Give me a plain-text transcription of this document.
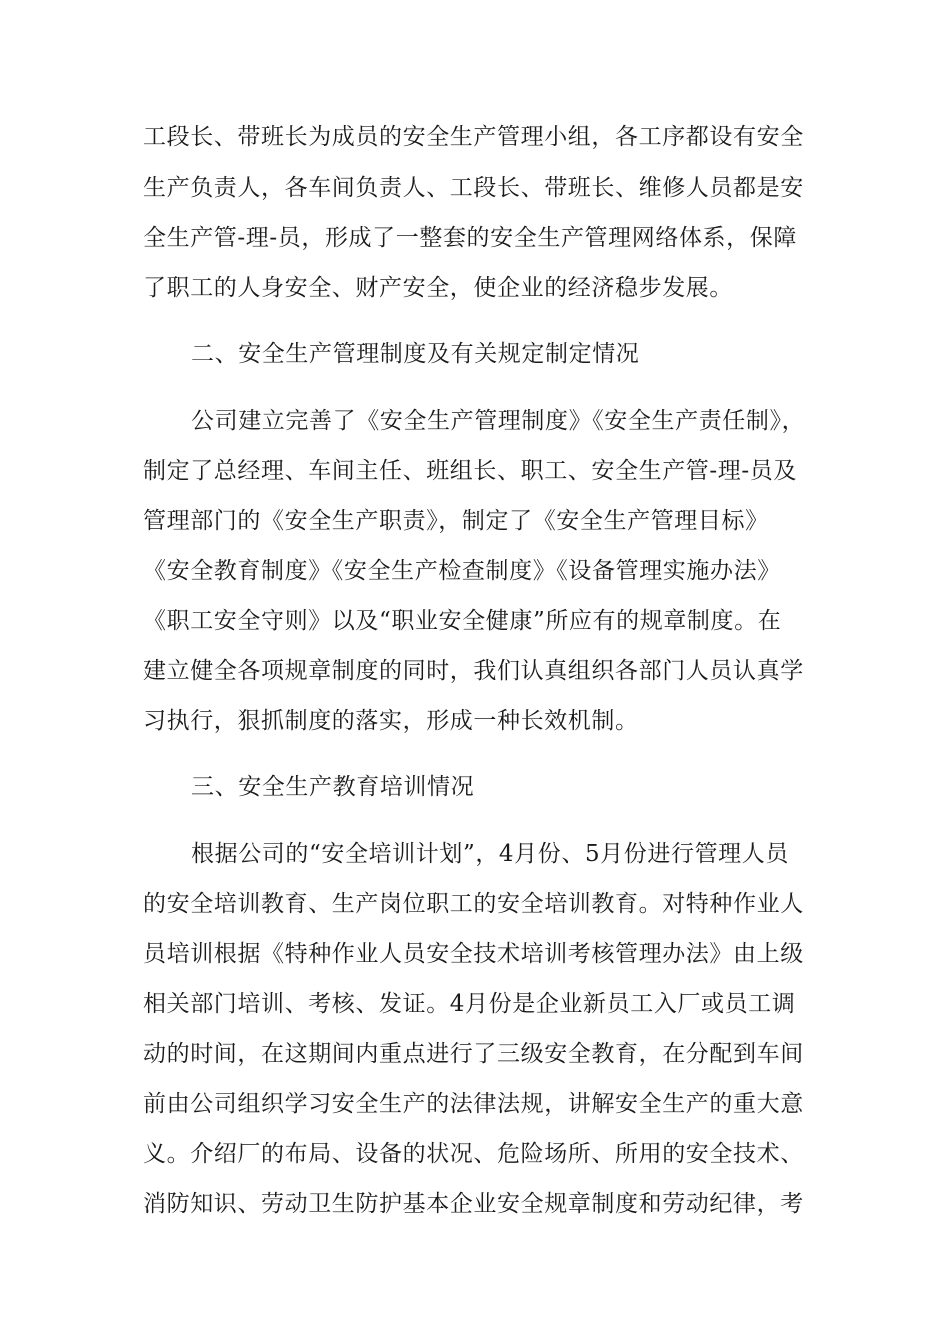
工段长、带班长为成员的安全生产管理小组，各工序都设有安全
生产负责人，各车间负责人、工段长、带班长、维修人员都是安
全生产管-理-员，形成了一整套的安全生产管理网络体系，保障
了职工的人身安全、财产安全，使企业的经济稳步发展。
二、安全生产管理制度及有关规定制定情况
公司建立完善了《安全生产管理制度》《安全生产责任制》，
制定了总经理、车间主任、班组长、职工、安全生产管-理-员及
管理部门的《安全生产职责》，制定了《安全生产管理目标》
《安全教育制度》《安全生产检查制度》《设备管理实施办法》
《职工安全守则》以及“职业安全健康”所应有的规章制度。在
建立健全各项规章制度的同时，我们认真组织各部门人员认真学
习执行，狠抓制度的落实，形成一种长效机制。
三、安全生产教育培训情况
根据公司的“安全培训计划”，4月份、5月份进行管理人员
的安全培训教育、生产岗位职工的安全培训教育。对特种作业人
员培训根据《特种作业人员安全技术培训考核管理办法》由上级
相关部门培训、考核、发证。4月份是企业新员工入厂或员工调
动的时间，在这期间内重点进行了三级安全教育，在分配到车间
前由公司组织学习安全生产的法律法规，讲解安全生产的重大意
义。介绍厂的布局、设备的状况、危险场所、所用的安全技术、
消防知识、劳动卫生防护基本企业安全规章制度和劳动纪律，考
